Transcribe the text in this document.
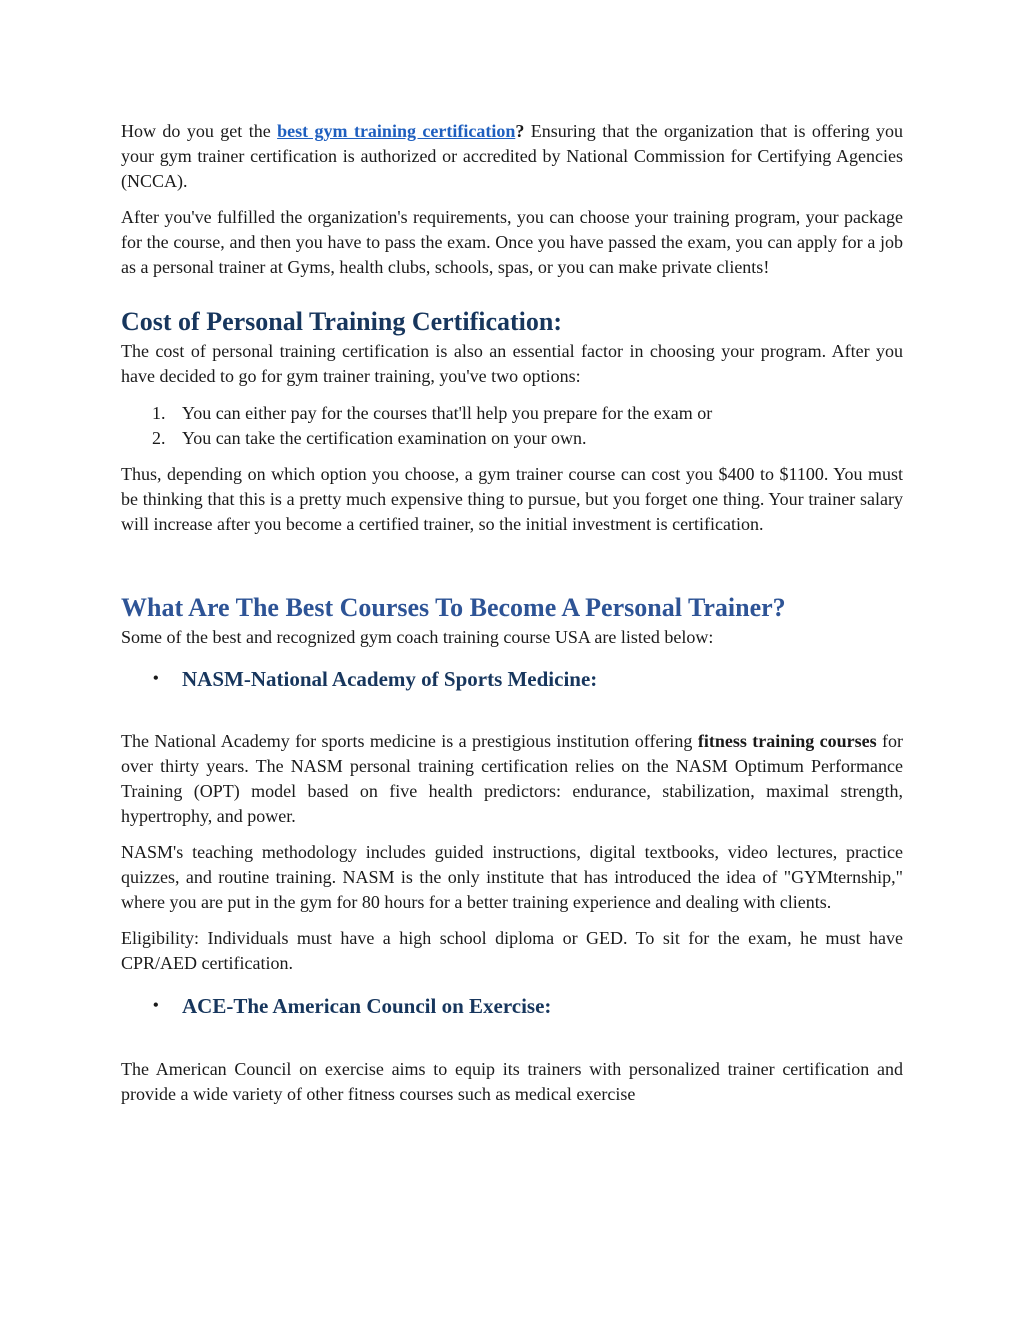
How do you get the best gym training certification? Ensuring that the organization that is offering you your gym trainer certification is authorized or accredited by National Commission for Certifying Agencies (NCCA).

After you've fulfilled the organization's requirements, you can choose your training program, your package for the course, and then you have to pass the exam. Once you have passed the exam, you can apply for a job as a personal trainer at Gyms, health clubs, schools, spas, or you can make private clients!

Cost of Personal Training Certification:

The cost of personal training certification is also an essential factor in choosing your program. After you have decided to go for gym trainer training, you've two options:

1. You can either pay for the courses that'll help you prepare for the exam or
2. You can take the certification examination on your own.

Thus, depending on which option you choose, a gym trainer course can cost you $400 to $1100. You must be thinking that this is a pretty much expensive thing to pursue, but you forget one thing. Your trainer salary will increase after you become a certified trainer, so the initial investment is certification.

What Are The Best Courses To Become A Personal Trainer?

Some of the best and recognized gym coach training course USA are listed below:

• NASM-National Academy of Sports Medicine:

The National Academy for sports medicine is a prestigious institution offering fitness training courses for over thirty years. The NASM personal training certification relies on the NASM Optimum Performance Training (OPT) model based on five health predictors: endurance, stabilization, maximal strength, hypertrophy, and power.

NASM's teaching methodology includes guided instructions, digital textbooks, video lectures, practice quizzes, and routine training. NASM is the only institute that has introduced the idea of "GYMternship," where you are put in the gym for 80 hours for a better training experience and dealing with clients.

Eligibility: Individuals must have a high school diploma or GED. To sit for the exam, he must have CPR/AED certification.

• ACE-The American Council on Exercise:

The American Council on exercise aims to equip its trainers with personalized trainer certification and provide a wide variety of other fitness courses such as medical exercise
